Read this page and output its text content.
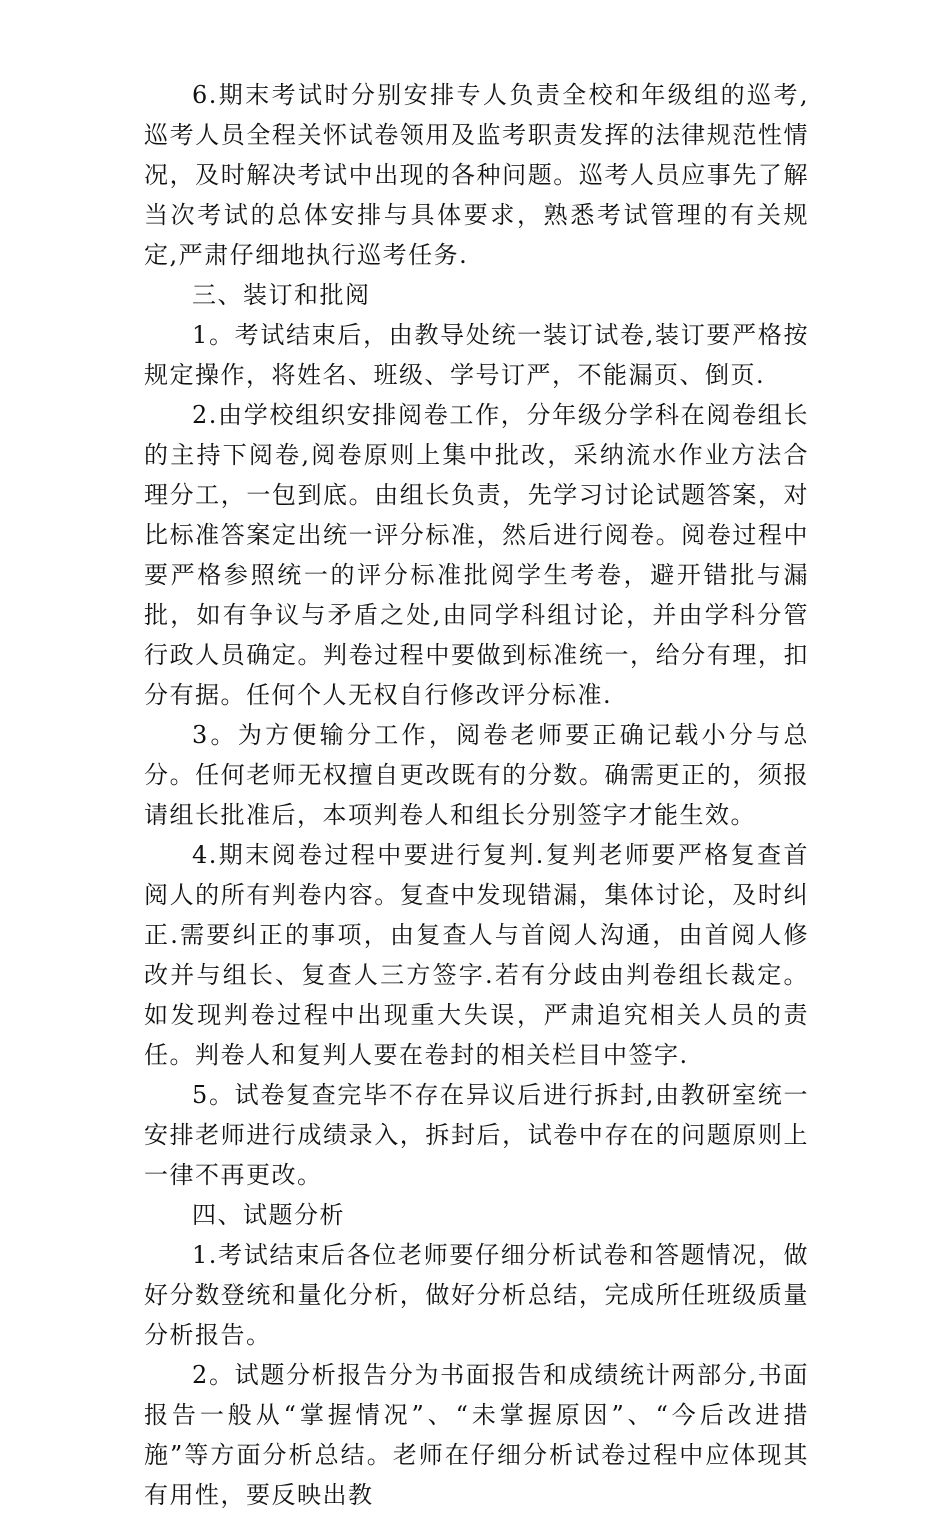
6.期末考试时分别安排专人负责全校和年级组的巡考,巡考人员全程关怀试卷领用及监考职责发挥的法律规范性情况，及时解决考试中出现的各种问题。巡考人员应事先了解当次考试的总体安排与具体要求，熟悉考试管理的有关规定,严肃仔细地执行巡考任务.

三、装订和批阅

1。考试结束后，由教导处统一装订试卷,装订要严格按规定操作，将姓名、班级、学号订严，不能漏页、倒页.

2.由学校组织安排阅卷工作，分年级分学科在阅卷组长的主持下阅卷,阅卷原则上集中批改，采纳流水作业方法合理分工，一包到底。由组长负责，先学习讨论试题答案，对比标准答案定出统一评分标准，然后进行阅卷。阅卷过程中要严格参照统一的评分标准批阅学生考卷，避开错批与漏批，如有争议与矛盾之处,由同学科组讨论，并由学科分管行政人员确定。判卷过程中要做到标准统一，给分有理，扣分有据。任何个人无权自行修改评分标准.

3。为方便输分工作，阅卷老师要正确记载小分与总分。任何老师无权擅自更改既有的分数。确需更正的，须报请组长批准后，本项判卷人和组长分别签字才能生效。

4.期末阅卷过程中要进行复判.复判老师要严格复查首阅人的所有判卷内容。复查中发现错漏，集体讨论，及时纠正.需要纠正的事项，由复查人与首阅人沟通，由首阅人修改并与组长、复查人三方签字.若有分歧由判卷组长裁定。如发现判卷过程中出现重大失误，严肃追究相关人员的责任。判卷人和复判人要在卷封的相关栏目中签字.

5。试卷复查完毕不存在异议后进行拆封,由教研室统一安排老师进行成绩录入，拆封后，试卷中存在的问题原则上一律不再更改。

四、试题分析

1.考试结束后各位老师要仔细分析试卷和答题情况，做好分数登统和量化分析，做好分析总结，完成所任班级质量分析报告。

2。试题分析报告分为书面报告和成绩统计两部分,书面报告一般从“掌握情况”、“未掌握原因”、“今后改进措施”等方面分析总结。老师在仔细分析试卷过程中应体现其有用性，要反映出教
